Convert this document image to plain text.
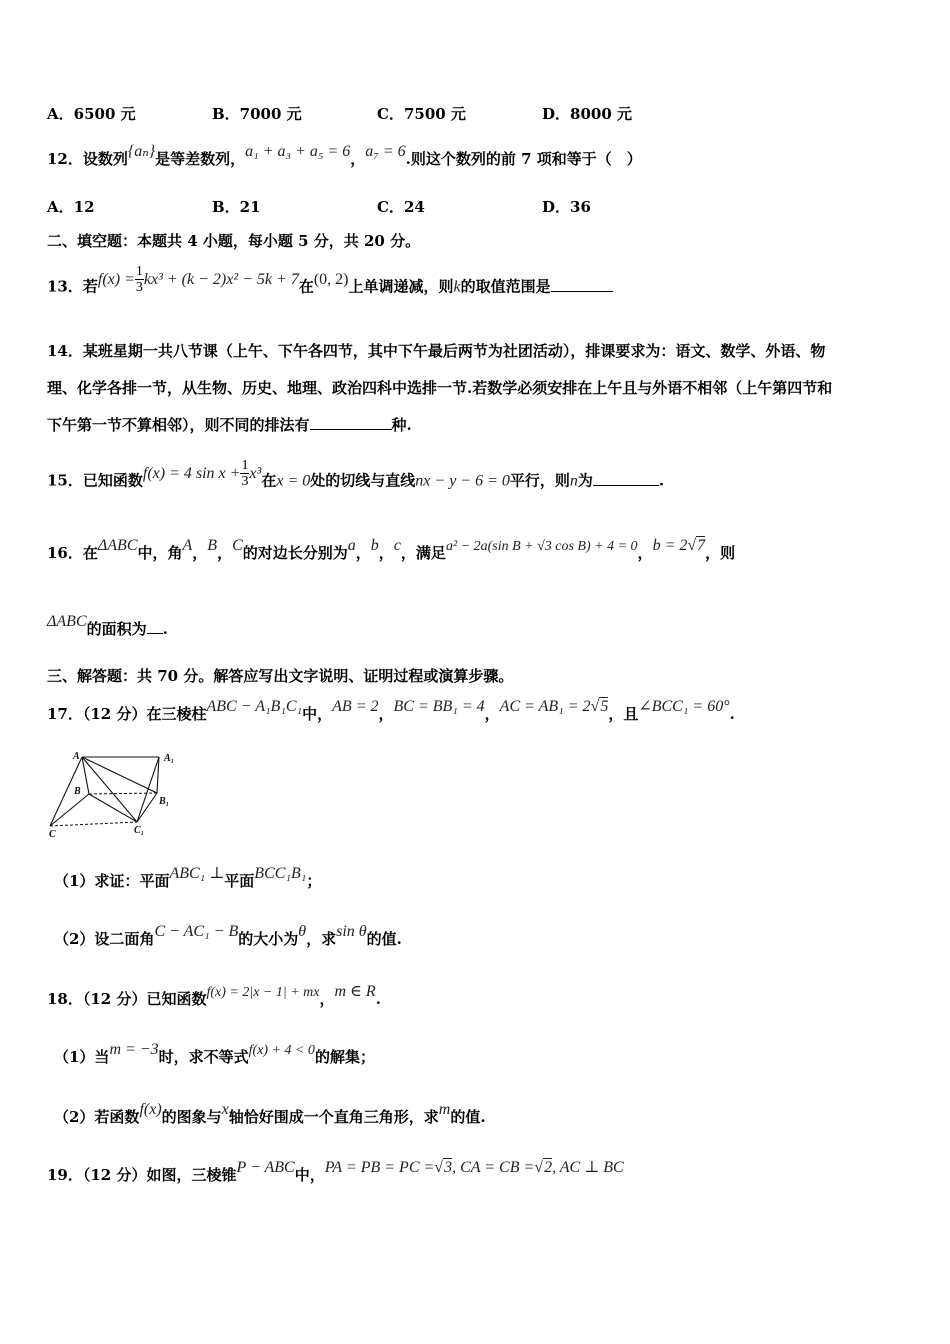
A．6500 元	B．7000 元	C．7500 元	D．8000 元
12．设数列{aₙ}是等差数列，a₁ + a₃ + a₅ = 6，a₇ = 6.则这个数列的前 7 项和等于（　）
A．12	B．21	C．24	D．36
二、填空题：本题共 4 小题，每小题 5 分，共 20 分。
13．若$f(x) = \frac{1}{3} kx^3 + (k - 2)x^2 - 5k + 7$在(0, 2)上单调递减，则k的取值范围是
14．某班星期一共八节课（上午、下午各四节，其中下午最后两节为社团活动），排课要求为：语文、数学、外语、物
理、化学各排一节，从生物、历史、地理、政治四科中选排一节.若数学必须安排在上午且与外语不相邻（上午第四节和
下午第一节不算相邻），则不同的排法有	种.
15．已知函数f(x) = 4 $\sin x + \frac{1}{3} x^3$在x = 0处的切线与直线nx − y − 6 = 0平行，则n为	.
16．在ΔABC中，角A，B，C的对边长分别为a，b，c，满足a² − 2a(sin B + √3 cos B) + 4 = 0，b = 2√7，则
ΔABC的面积为 .
三、解答题：共 70 分。解答应写出文字说明、证明过程或演算步骤。
17．（12 分）在三棱柱ABC − A₁B₁C₁中，AB = 2，BC = BB₁ = 4，AC = AB₁ = 2√5，且∠BCC₁ = 60°.
A	A₁
B
B₁
C	C₁
（1）求证：平面ABC₁ ⊥平面BCC₁B₁；
（2）设二面角C − AC₁ − B的大小为θ，求sin θ的值.
18．（12 分）已知函数f(x) = 2|x − 1| + mx，m ∈ R.
（1）当m = −3时，求不等式f(x) + 4 < 0的解集；
（2）若函数f(x)的图象与x轴恰好围成一个直角三角形，求m的值.
19．（12 分）如图，三棱锥P − ABC中，PA = PB = PC =√3, CA = CB =√2, AC ⊥ BC
